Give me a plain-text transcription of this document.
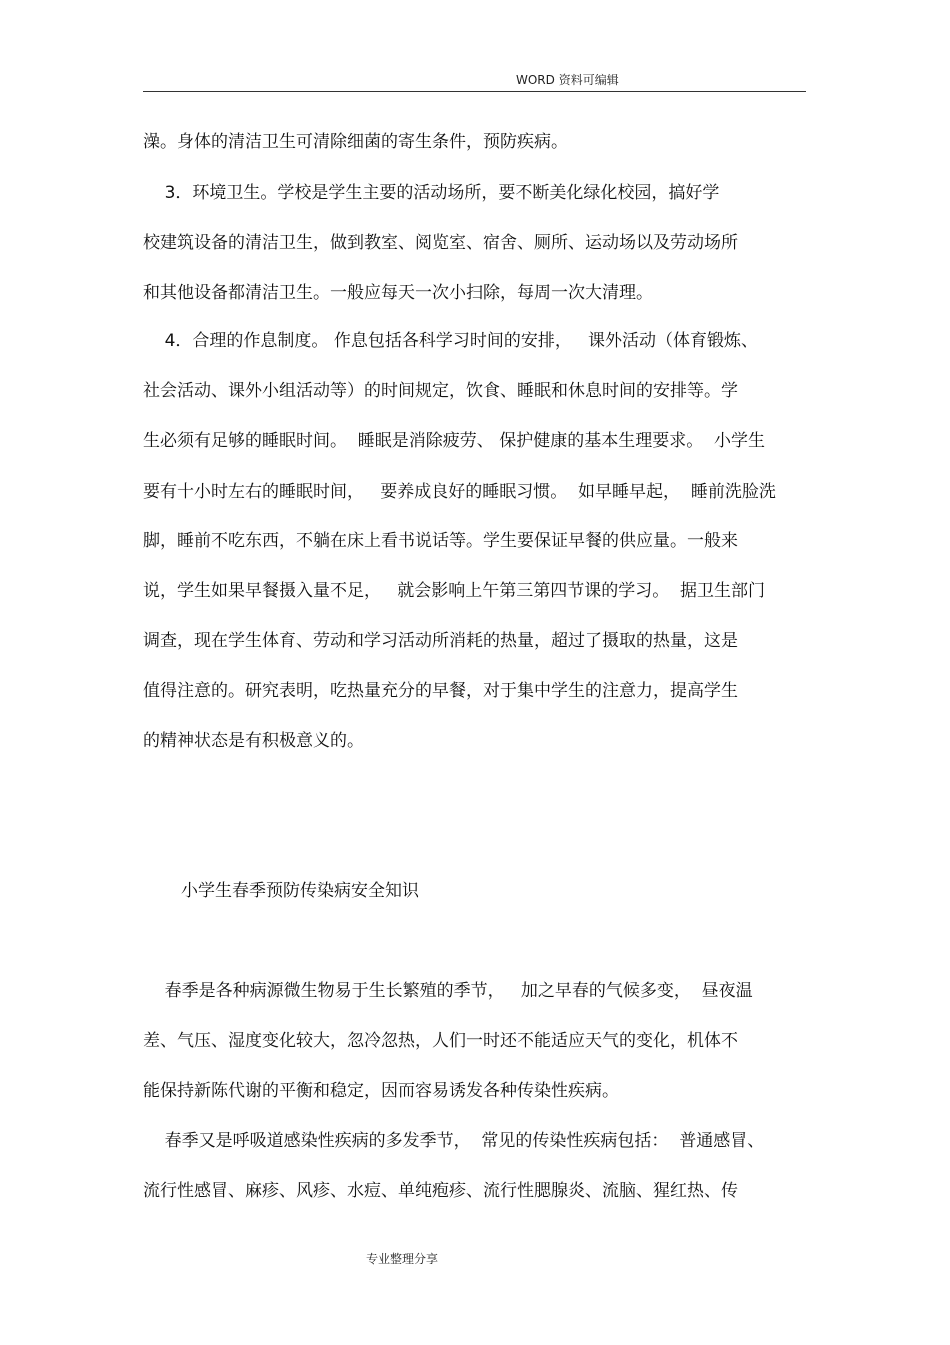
WORD 资料可编辑
澡。身体的清洁卫生可清除细菌的寄生条件，预防疾病。
3．环境卫生。学校是学生主要的活动场所，要不断美化绿化校园，搞好学
校建筑设备的清洁卫生，做到教室、阅览室、宿舍、厕所、运动场以及劳动场所
和其他设备都清洁卫生。一般应每天一次小扫除，每周一次大清理。
4．合理的作息制度。 作息包括各科学习时间的安排，   课外活动（体育锻炼、
社会活动、课外小组活动等）的时间规定，饮食、睡眠和休息时间的安排等。学
生必须有足够的睡眠时间。  睡眠是消除疲劳、 保护健康的基本生理要求。  小学生
要有十小时左右的睡眠时间，   要养成良好的睡眠习惯。  如早睡早起，  睡前洗脸洗
脚，睡前不吃东西，不躺在床上看书说话等。学生要保证早餐的供应量。一般来
说，学生如果早餐摄入量不足，   就会影响上午第三第四节课的学习。  据卫生部门
调查，现在学生体育、劳动和学习活动所消耗的热量，超过了摄取的热量，这是
值得注意的。研究表明，吃热量充分的早餐，对于集中学生的注意力，提高学生
的精神状态是有积极意义的。
小学生春季预防传染病安全知识
春季是各种病源微生物易于生长繁殖的季节，   加之早春的气候多变，  昼夜温
差、气压、湿度变化较大，忽冷忽热，人们一时还不能适应天气的变化，机体不
能保持新陈代谢的平衡和稳定，因而容易诱发各种传染性疾病。
春季又是呼吸道感染性疾病的多发季节，  常见的传染性疾病包括：  普通感冒、
流行性感冒、麻疹、风疹、水痘、单纯疱疹、流行性腮腺炎、流脑、猩红热、传
专业整理分享
